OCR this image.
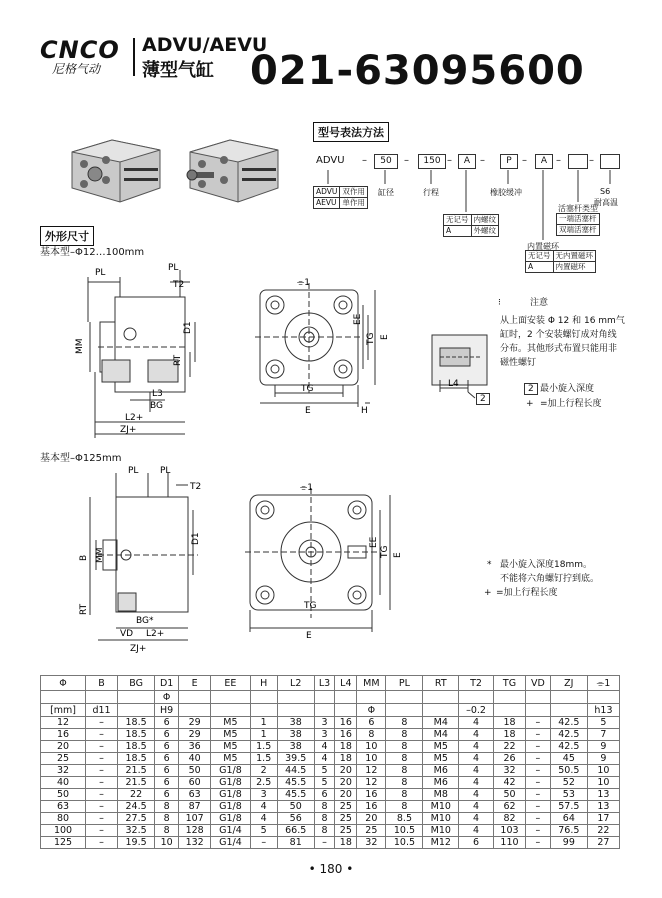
CNCO
尼格气动
ADVU/AEVU
薄型气缸 021-63095600
型号表法方法
ADVU –	50	–	150 –	A –	P	–	A –	–
ADVU	双作用
AEVU	单作用
缸径	行程	橡胶缓冲	S6
耐高温
活塞杆类型
一端活塞杆
双端活塞杆
无记号	内螺纹
A	外螺纹
内置磁环
无记号	无内置磁环
A	内置磁环
外形尺寸
基本型–Φ12…100mm
PL	PL
T2
D1
MM
RT
L3
BG
L2+
ZJ+
⌯1
TG
E	H
EE
TG E
⁝	注意
从上面安装 Φ 12 和 16 mm气
缸时，2 个安装螺钉成对角线
分布。其他形式布置只能用非
磁性螺钉
L4
2
2 最小旋入深度
+ =加上行程长度
基本型–Φ125mm
PL PL
T2
B MM
D1
RT
BG*
VD L2+
ZJ+
⌯1
TG
E
EE
TG E
* 最小旋入深度18mm。
不能将六角螺钉拧到底。
+ =加上行程长度
Φ	B	BG	D1	E	EE	H	L2	L3	L4	MM	PL	RT	T2	TG	VD	ZJ	⌯1
			Φ														
[mm]	d11		H9							Φ			–0.2				h13
12	–	18.5	6	29	M5	1	38	3	16	6	8	M4	4	18	–	42.5	5
16	–	18.5	6	29	M5	1	38	3	16	8	8	M4	4	18	–	42.5	7
20	–	18.5	6	36	M5	1.5	38	4	18	10	8	M5	4	22	–	42.5	9
25	–	18.5	6	40	M5	1.5	39.5	4	18	10	8	M5	4	26	–	45	9
32	–	21.5	6	50	G1/8	2	44.5	5	20	12	8	M6	4	32	–	50.5	10
40	–	21.5	6	60	G1/8	2.5	45.5	5	20	12	8	M6	4	42	–	52	10
50	–	22	6	63	G1/8	3	45.5	6	20	16	8	M8	4	50	–	53	13
63	–	24.5	8	87	G1/8	4	50	8	25	16	8	M10	4	62	–	57.5	13
80	–	27.5	8	107	G1/8	4	56	8	25	20	8.5	M10	4	82	–	64	17
100	–	32.5	8	128	G1/4	5	66.5	8	25	25	10.5	M10	4	103	–	76.5	22
125	–	19.5	10	132	G1/4	–	81	–	18	32	10.5	M12	6	110	–	99	27
• 180 •
